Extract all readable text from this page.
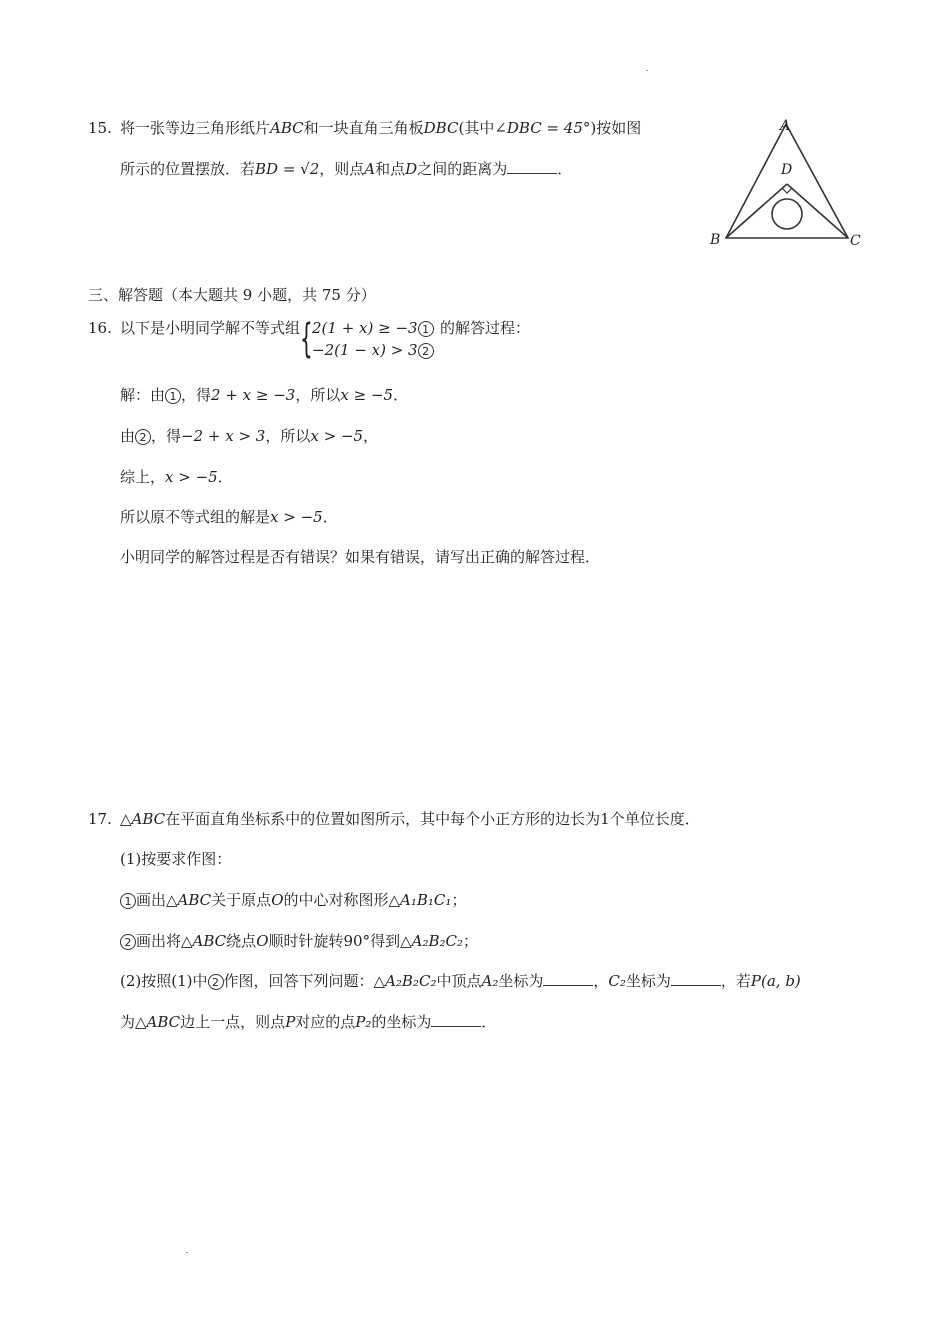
15. 将一张等边三角形纸片ABC和一块直角三角板DBC(其中∠DBC = 45°)按如图
所示的位置摆放．若BD = √2，则点A和点D之间的距离为	．
A
B	C
D
三、解答题（本大题共 9 小题，共 75 分）
16. 以下是小明同学解不等式组 { 2(1 + x) ≥ −3 1
−2(1 − x) > 3 2
的解答过程：
解：由 1 ，得2 + x ≥ −3，所以x ≥ −5．
由 2 ，得−2 + x > 3，所以x > −5，
综上，x > −5．
所以原不等式组的解是x > −5．
小明同学的解答过程是否有错误？如果有错误，请写出正确的解答过程．
17. △ABC在平面直角坐标系中的位置如图所示，其中每个小正方形的边长为1个单位长度．
(1)按要求作图：
1 画出△ABC关于原点O的中心对称图形△A₁B₁C₁；
2 画出将△ABC绕点O顺时针旋转90°得到△A₂B₂C₂；
(2)按照(1)中 2 作图，回答下列问题：△A₂B₂C₂中顶点A₂坐标为	，C₂坐标为	，若P(a, b)
为△ABC边上一点，则点P对应的点P₂的坐标为	．
